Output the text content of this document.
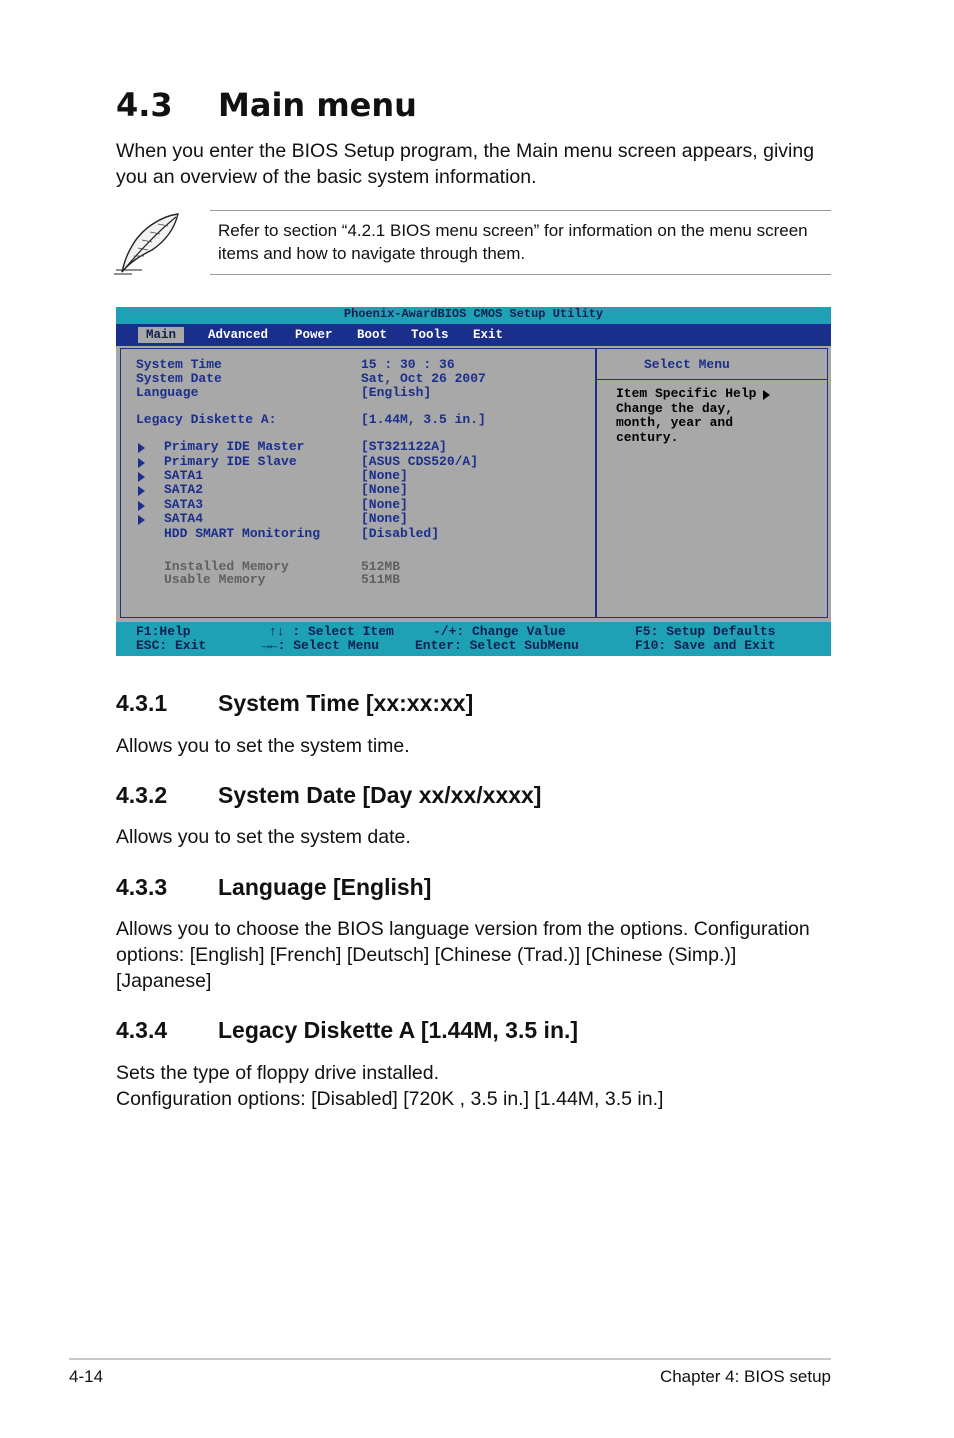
4.3 Main menu

When you enter the BIOS Setup program, the Main menu screen appears, giving you an overview of the basic system information.

Refer to section “4.2.1 BIOS menu screen” for information on the menu screen items and how to navigate through them.
Phoenix-AwardBIOS CMOS Setup Utility
Main	Advanced Power Boot Tools Exit
System Time	15 : 30 : 36
System Date	Sat, Oct 26 2007
Language	[English]
Legacy Diskette A:	[1.44M, 3.5 in.]
Primary IDE Master	[ST321122A]
Primary IDE Slave	[ASUS CDS520/A]
SATA1	[None]
SATA2	[None]
SATA3	[None]
SATA4	[None]
HDD SMART Monitoring	[Disabled]
Installed Memory	512MB
Usable Memory	511MB
Select Menu
Item Specific Help
Change the day,
month, year and
century.
F1:Help	↑↓ : Select Item	-/+: Change Value	F5: Setup Defaults
ESC: Exit	→←: Select Menu	Enter: Select SubMenu	F10: Save and Exit
4.3.1 System Time [xx:xx:xx]

Allows you to set the system time.

4.3.2 System Date [Day xx/xx/xxxx]

Allows you to set the system date.

4.3.3 Language [English]

Allows you to choose the BIOS language version from the options. Configuration options: [English] [French] [Deutsch] [Chinese (Trad.)] [Chinese (Simp.)] [Japanese]

4.3.4 Legacy Diskette A [1.44M, 3.5 in.]

Sets the type of floppy drive installed.

Configuration options: [Disabled] [720K , 3.5 in.] [1.44M, 3.5 in.]

4-14	Chapter 4: BIOS setup
